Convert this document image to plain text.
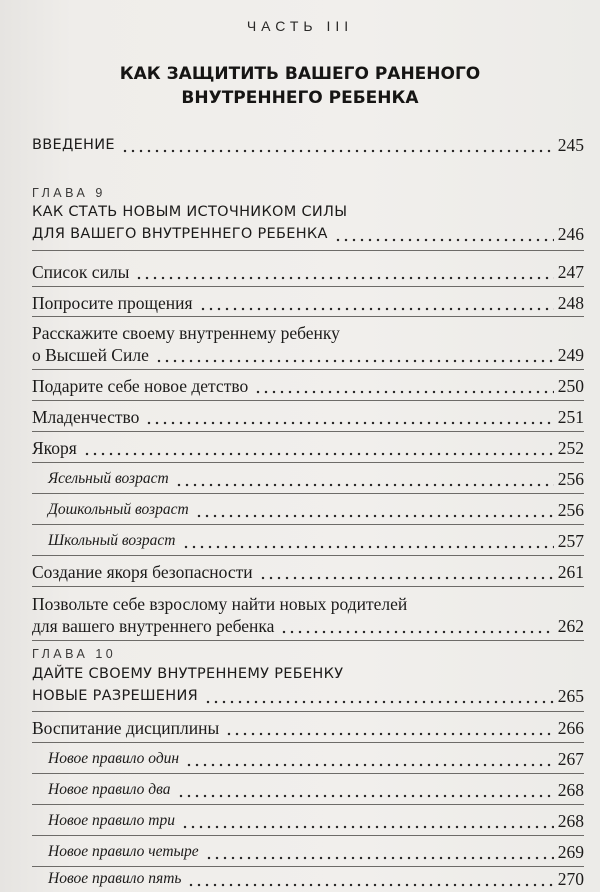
ЧАСТЬ III
КАК ЗАЩИТИТЬ ВАШЕГО РАНЕНОГО
ВНУТРЕННЕГО РЕБЕНКА
ВВЕДЕНИЕ	245
ГЛАВА 9
КАК СТАТЬ НОВЫМ ИСТОЧНИКОМ СИЛЫ
ДЛЯ ВАШЕГО ВНУТРЕННЕГО РЕБЕНКА	246
Список силы	247
Попросите прощения	248
Расскажите своему внутреннему ребенку
о Высшей Силе	249
Подарите себе новое детство	250
Младенчество	251
Якоря	252
Ясельный возраст	256
Дошкольный возраст	256
Школьный возраст	257
Создание якоря безопасности	261
Позвольте себе взрослому найти новых родителей
для вашего внутреннего ребенка	262
ГЛАВА 10
ДАЙТЕ СВОЕМУ ВНУТРЕННЕМУ РЕБЕНКУ
НОВЫЕ РАЗРЕШЕНИЯ	265
Воспитание дисциплины	266
Новое правило один	267
Новое правило два	268
Новое правило три	268
Новое правило четыре	269
Новое правило пять	270
